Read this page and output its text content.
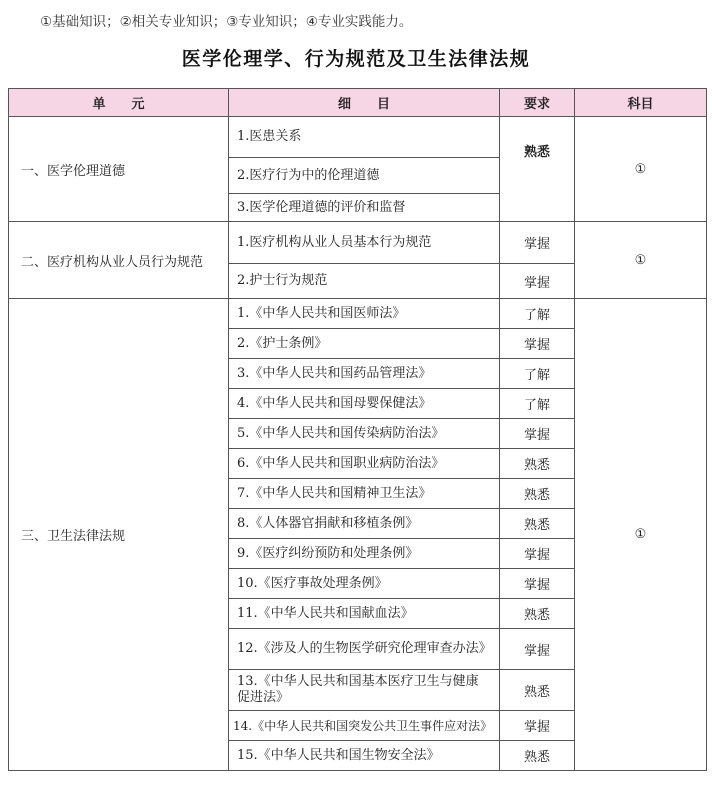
①基础知识；②相关专业知识；③专业知识；④专业实践能力。
医学伦理学、行为规范及卫生法律法规
单　　元	细　　目	要求	科目
一、医学伦理道德	1.医患关系	熟悉	①
	2.医疗行为中的伦理道德		
	3.医学伦理道德的评价和监督		
二、医疗机构从业人员行为规范	1.医疗机构从业人员基本行为规范	掌握	①
	2.护士行为规范	掌握	
三、卫生法律法规	1.《中华人民共和国医师法》	了解	①
	2.《护士条例》	掌握	
	3.《中华人民共和国药品管理法》	了解	
	4.《中华人民共和国母婴保健法》	了解	
	5.《中华人民共和国传染病防治法》	掌握	
	6.《中华人民共和国职业病防治法》	熟悉	
	7.《中华人民共和国精神卫生法》	熟悉	
	8.《人体器官捐献和移植条例》	熟悉	
	9.《医疗纠纷预防和处理条例》	掌握	
	10.《医疗事故处理条例》	掌握	
	11.《中华人民共和国献血法》	熟悉	
	12.《涉及人的生物医学研究伦理审查办法》	掌握	
	13.《中华人民共和国基本医疗卫生与健康促进法》	熟悉	
	14.《中华人民共和国突发公共卫生事件应对法》	掌握	
	15.《中华人民共和国生物安全法》	熟悉	
